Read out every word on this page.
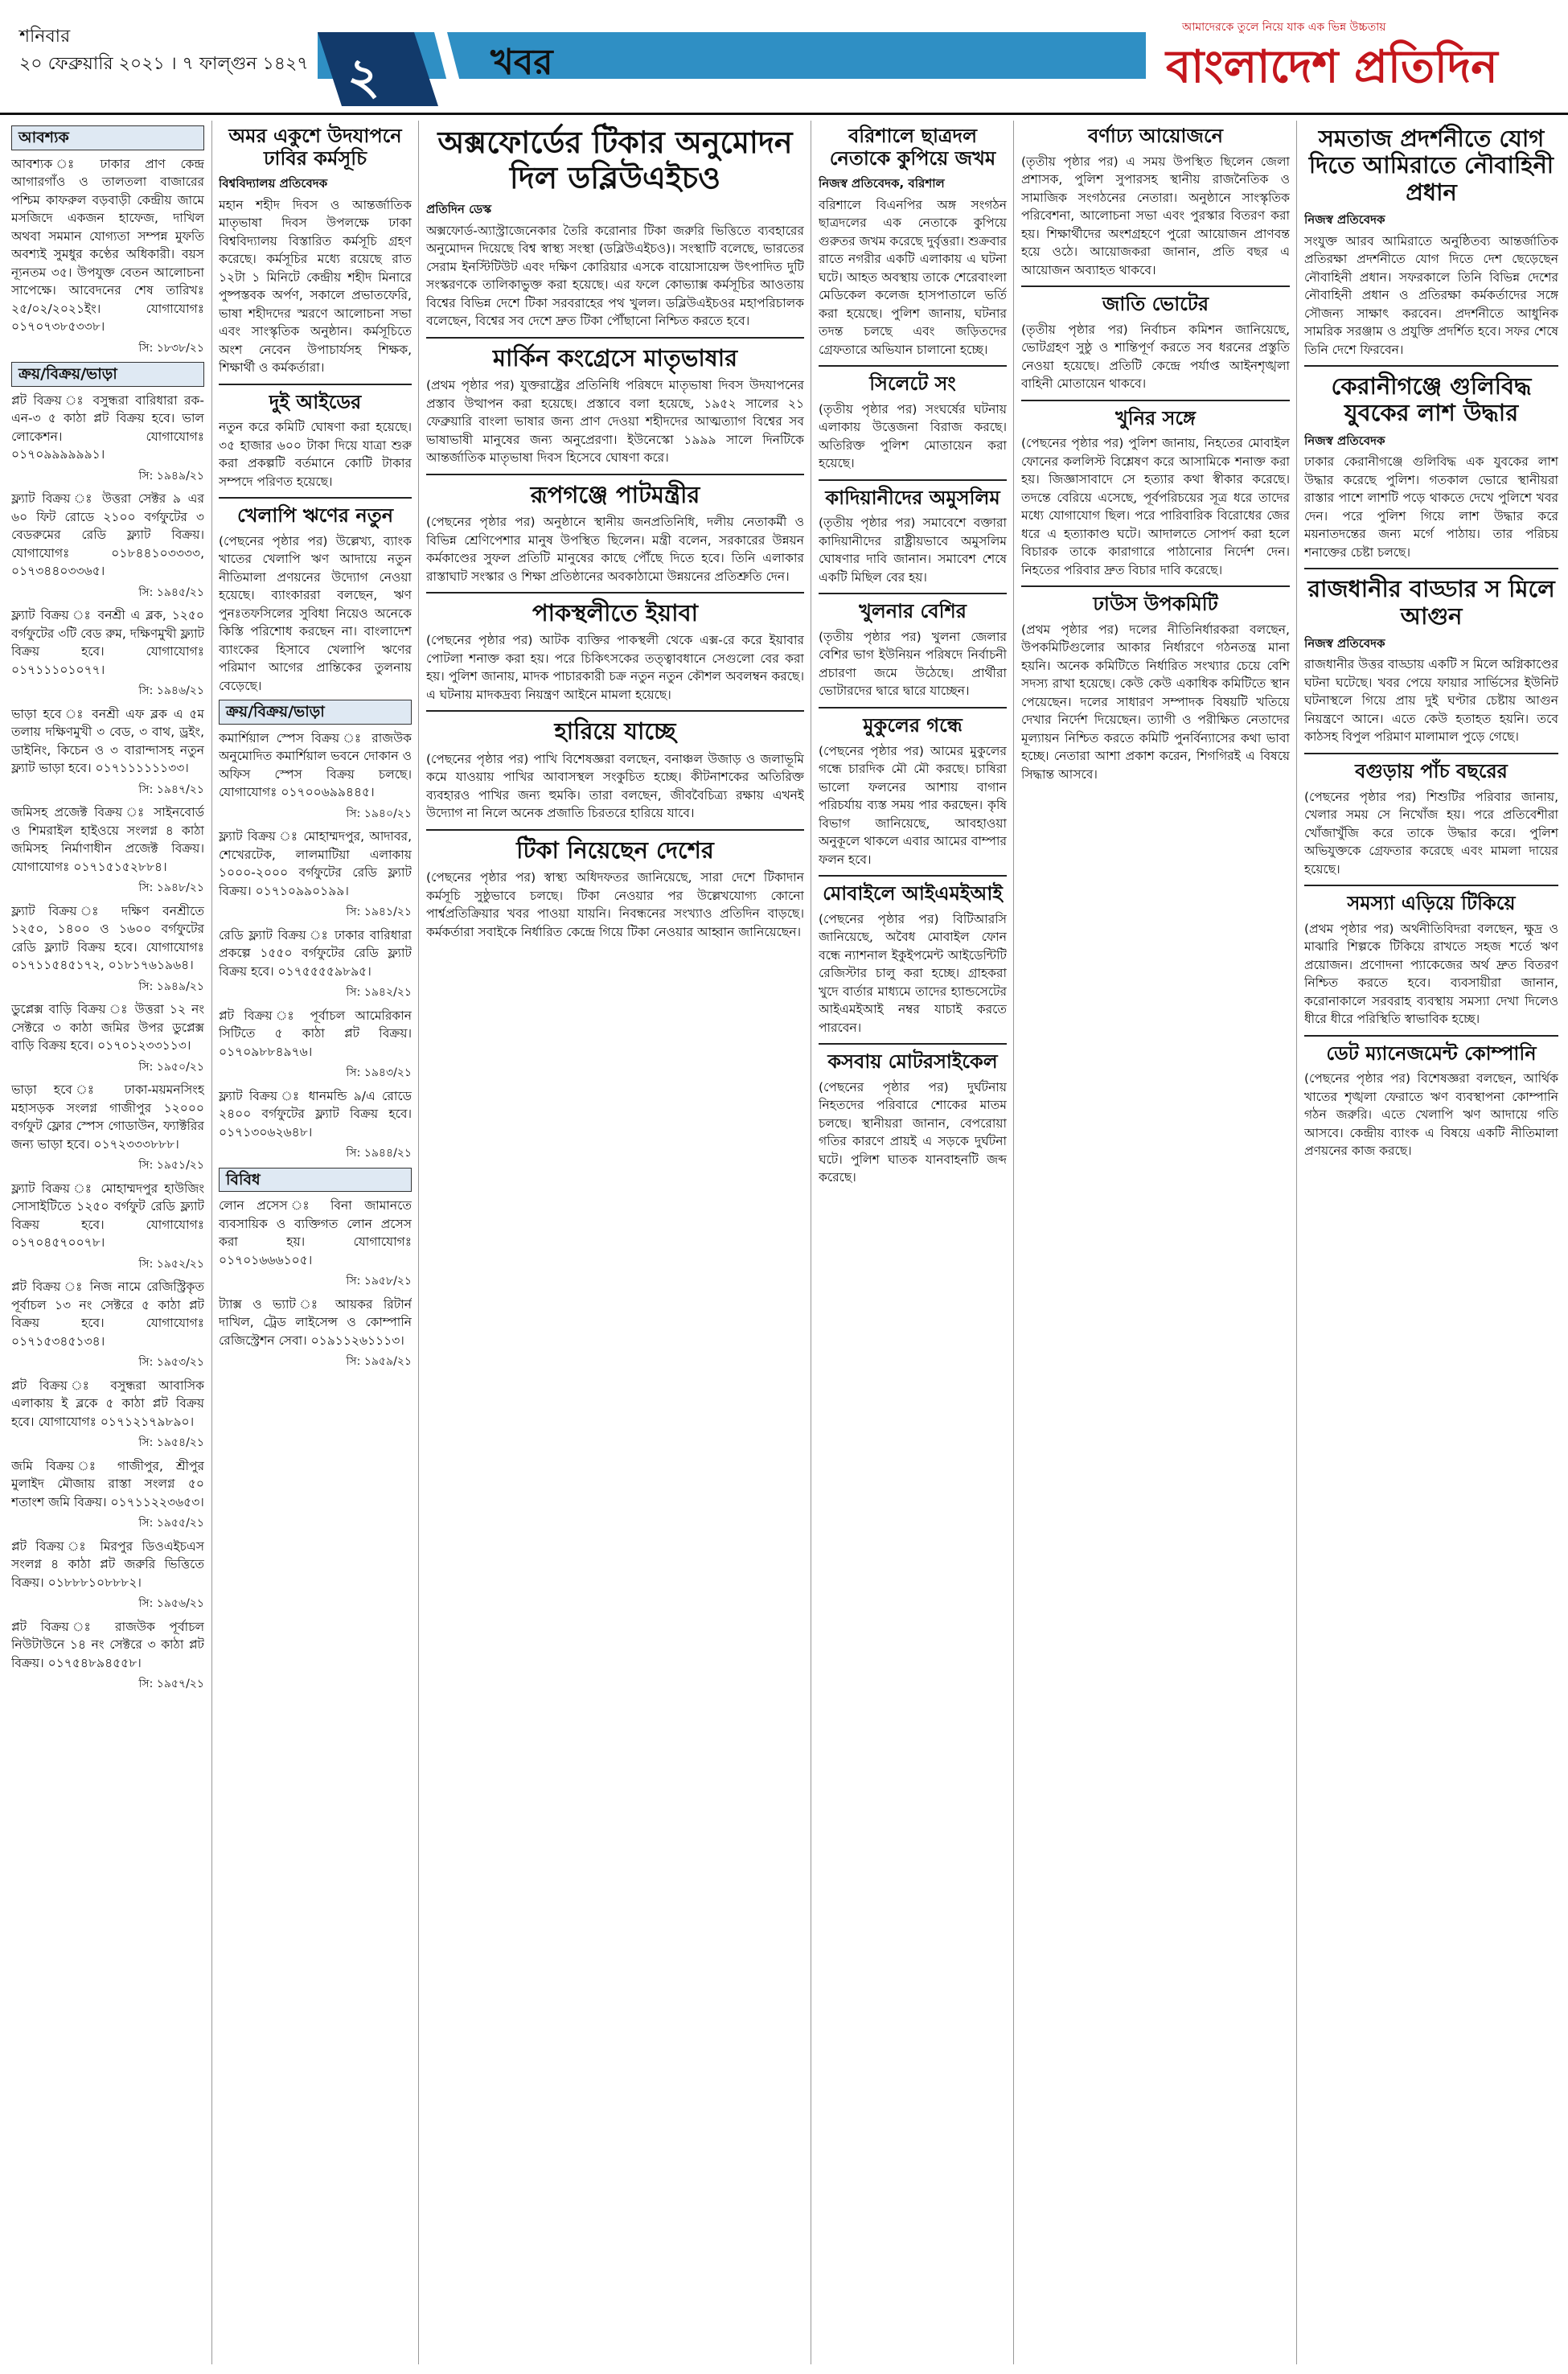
শনিবার
২০ ফেব্রুয়ারি ২০২১ । ৭ ফাল্গুন ১৪২৭ ২	খবর
আমাদেরকে তুলে নিয়ে যাক এক ভিন্ন উচ্চতায়
বাংলাদেশ প্রতিদিন
আবশ্যক
আবশ্যক ঃ ঢাকার প্রাণ কেন্দ্র আগারগাঁও ও তালতলা বাজারের পশ্চিম কাফরুল বড়বাড়ী কেন্দ্রীয় জামে মসজিদে একজন হাফেজ, দাখিল অথবা সমমান যোগ্যতা সম্পন্ন মুফতি অবশ্যই সুমধুর কণ্ঠের অধিকারী। বয়স ন্যূনতম ৩৫। উপযুক্ত বেতন আলোচনা সাপেক্ষে। আবেদনের শেষ তারিখঃ ২৫/০২/২০২১ইং। যোগাযোগঃ ০১৭০৭৩৮৫৩৩৮।
সি: ১৮৩৮/২১
ক্রয়/বিক্রয়/ভাড়া
প্লট বিক্রয় ঃ বসুন্ধরা বারিধারা রক-এন-৩ ৫ কাঠা প্লট বিক্রয় হবে। ভাল লোকেশন। যোগাযোগঃ ০১৭০৯৯৯৯৯৯১।
সি: ১৯৪৯/২১
ফ্ল্যাট বিক্রয় ঃ উত্তরা সেক্টর ৯ এর ৬০ ফিট রোডে ২১০০ বর্গফুটের ৩ বেডরুমের রেডি ফ্ল্যাট বিক্রয়। যোগাযোগঃ ০১৮৪৪১০৩৩৩৩, ০১৭৩৪৪০৩৩৬৫।
সি: ১৯৪৫/২১
ফ্ল্যাট বিক্রয় ঃ বনশ্রী এ ব্লক, ১২৫০ বর্গফুটের ৩টি বেড রুম, দক্ষিণমুখী ফ্ল্যাট বিক্রয় হবে। যোগাযোগঃ ০১৭১১১০১০৭৭।
সি: ১৯৪৬/২১
ভাড়া হবে ঃ বনশ্রী এফ ব্লক এ ৫ম তলায় দক্ষিণমুখী ৩ বেড, ৩ বাথ, ড্রইং, ডাইনিং, কিচেন ও ৩ বারান্দাসহ নতুন ফ্ল্যাট ভাড়া হবে। ০১৭১১১১১১৩৩।
সি: ১৯৪৭/২১
জমিসহ প্রজেক্ট বিক্রয় ঃ সাইনবোর্ড ও শিমরাইল হাইওয়ে সংলগ্ন ৪ কাঠা জমিসহ নির্মাণাধীন প্রজেক্ট বিক্রয়। যোগাযোগঃ ০১৭১৫১৫২৮৮৪।
সি: ১৯৪৮/২১
ফ্ল্যাট বিক্রয় ঃ দক্ষিণ বনশ্রীতে ১২৫০, ১৪০০ ও ১৬০০ বর্গফুটের রেডি ফ্ল্যাট বিক্রয় হবে। যোগাযোগঃ ০১৭১১৫৪৫১৭২, ০১৮১৭৬১৯৬৪।
সি: ১৯৪৯/২১
ডুপ্লেক্স বাড়ি বিক্রয় ঃ উত্তরা ১২ নং সেক্টরে ৩ কাঠা জমির উপর ডুপ্লেক্স বাড়ি বিক্রয় হবে। ০১৭০১২৩৩১১৩।
সি: ১৯৫০/২১
ভাড়া হবে ঃ ঢাকা-ময়মনসিংহ মহাসড়ক সংলগ্ন গাজীপুর ১২০০০ বর্গফুট ফ্লোর স্পেস গোডাউন, ফ্যাক্টরির জন্য ভাড়া হবে। ০১৭২৩৩৩৮৮৮।
সি: ১৯৫১/২১
ফ্ল্যাট বিক্রয় ঃ মোহাম্মদপুর হাউজিং সোসাইটিতে ১২৫০ বর্গফুট রেডি ফ্ল্যাট বিক্রয় হবে। যোগাযোগঃ ০১৭০৪৫৭০০৭৮।
সি: ১৯৫২/২১
প্লট বিক্রয় ঃ নিজ নামে রেজিস্ট্রিকৃত পূর্বাচল ১৩ নং সেক্টরে ৫ কাঠা প্লট বিক্রয় হবে। যোগাযোগঃ ০১৭১৫৩৪৫১৩৪।
সি: ১৯৫৩/২১
প্লট বিক্রয় ঃ বসুন্ধরা আবাসিক এলাকায় ই ব্লকে ৫ কাঠা প্লট বিক্রয় হবে। যোগাযোগঃ ০১৭১২১৭৯৮৯০।
সি: ১৯৫৪/২১
জমি বিক্রয় ঃ গাজীপুর, শ্রীপুর মুলাইদ মৌজায় রাস্তা সংলগ্ন ৫০ শতাংশ জমি বিক্রয়। ০১৭১১২২৩৬৫৩।
সি: ১৯৫৫/২১
প্লট বিক্রয় ঃ মিরপুর ডিওএইচএস সংলগ্ন ৪ কাঠা প্লট জরুরি ভিত্তিতে বিক্রয়। ০১৮৮৮১০৮৮৮২।
সি: ১৯৫৬/২১
প্লট বিক্রয় ঃ রাজউক পূর্বাচল নিউটাউনে ১৪ নং সেক্টরে ৩ কাঠা প্লট বিক্রয়। ০১৭৫৪৮৯৪৫৫৮।
সি: ১৯৫৭/২১
অমর একুশে উদযাপনে ঢাবির কর্মসূচি
বিশ্ববিদ্যালয় প্রতিবেদক

মহান শহীদ দিবস ও আন্তর্জাতিক মাতৃভাষা দিবস উপলক্ষে ঢাকা বিশ্ববিদ্যালয় বিস্তারিত কর্মসূচি গ্রহণ করেছে। কর্মসূচির মধ্যে রয়েছে রাত ১২টা ১ মিনিটে কেন্দ্রীয় শহীদ মিনারে পুষ্পস্তবক অর্পণ, সকালে প্রভাতফেরি, ভাষা শহীদদের স্মরণে আলোচনা সভা এবং সাংস্কৃতিক অনুষ্ঠান। কর্মসূচিতে অংশ নেবেন উপাচার্যসহ শিক্ষক, শিক্ষার্থী ও কর্মকর্তারা।

দুই আইডের

নতুন করে কমিটি ঘোষণা করা হয়েছে। ৩৫ হাজার ৬০০ টাকা দিয়ে যাত্রা শুরু করা প্রকল্পটি বর্তমানে কোটি টাকার সম্পদে পরিণত হয়েছে।

খেলাপি ঋণের নতুন

(পেছনের পৃষ্ঠার পর) উল্লেখ্য, ব্যাংক খাতের খেলাপি ঋণ আদায়ে নতুন নীতিমালা প্রণয়নের উদ্যোগ নেওয়া হয়েছে। ব্যাংকাররা বলছেন, ঋণ পুনঃতফসিলের সুবিধা নিয়েও অনেকে কিস্তি পরিশোধ করছেন না। বাংলাদেশ ব্যাংকের হিসাবে খেলাপি ঋণের পরিমাণ আগের প্রান্তিকের তুলনায় বেড়েছে।

ক্রয়/বিক্রয়/ভাড়া
কমার্শিয়াল স্পেস বিক্রয় ঃ রাজউক অনুমোদিত কমার্শিয়াল ভবনে দোকান ও অফিস স্পেস বিক্রয় চলছে। যোগাযোগঃ ০১৭০০৬৯৯৪৪৫।
সি: ১৯৪০/২১
ফ্ল্যাট বিক্রয় ঃ মোহাম্মদপুর, আদাবর, শেখেরটেক, লালমাটিয়া এলাকায় ১০০০-২০০০ বর্গফুটের রেডি ফ্ল্যাট বিক্রয়। ০১৭১০৯৯০১৯৯।
সি: ১৯৪১/২১
রেডি ফ্ল্যাট বিক্রয় ঃ ঢাকার বারিধারা প্রকল্পে ১৫৫০ বর্গফুটের রেডি ফ্ল্যাট বিক্রয় হবে। ০১৭৫৫৫৫৯৮৯৫।
সি: ১৯৪২/২১
প্লট বিক্রয় ঃ পূর্বাচল আমেরিকান সিটিতে ৫ কাঠা প্লট বিক্রয়। ০১৭০৯৮৮৪৯৭৬।
সি: ১৯৪৩/২১
ফ্ল্যাট বিক্রয় ঃ ধানমন্ডি ৯/এ রোডে ২৪০০ বর্গফুটের ফ্ল্যাট বিক্রয় হবে। ০১৭১৩০৬২৬৪৮।
সি: ১৯৪৪/২১
বিবিধ
লোন প্রসেস ঃ বিনা জামানতে ব্যবসায়িক ও ব্যক্তিগত লোন প্রসেস করা হয়। যোগাযোগঃ ০১৭০১৬৬৬১০৫।
সি: ১৯৫৮/২১
ট্যাক্স ও ভ্যাট ঃ আয়কর রিটার্ন দাখিল, ট্রেড লাইসেন্স ও কোম্পানি রেজিস্ট্রেশন সেবা। ০১৯১১২৬১১১৩।
সি: ১৯৫৯/২১
অক্সফোর্ডের টিকার অনুমোদন দিল ডব্লিউএইচও
প্রতিদিন ডেস্ক

অক্সফোর্ড-অ্যাস্ট্রাজেনেকার তৈরি করোনার টিকা জরুরি ভিত্তিতে ব্যবহারের অনুমোদন দিয়েছে বিশ্ব স্বাস্থ্য সংস্থা (ডব্লিউএইচও)। সংস্থাটি বলেছে, ভারতের সেরাম ইনস্টিটিউট এবং দক্ষিণ কোরিয়ার এসকে বায়োসায়েন্স উৎপাদিত দুটি সংস্করণকে তালিকাভুক্ত করা হয়েছে। এর ফলে কোভ্যাক্স কর্মসূচির আওতায় বিশ্বের বিভিন্ন দেশে টিকা সরবরাহের পথ খুলল। ডব্লিউএইচওর মহাপরিচালক বলেছেন, বিশ্বের সব দেশে দ্রুত টিকা পৌঁছানো নিশ্চিত করতে হবে।

মার্কিন কংগ্রেসে মাতৃভাষার

(প্রথম পৃষ্ঠার পর) যুক্তরাষ্ট্রের প্রতিনিধি পরিষদে মাতৃভাষা দিবস উদযাপনের প্রস্তাব উত্থাপন করা হয়েছে। প্রস্তাবে বলা হয়েছে, ১৯৫২ সালের ২১ ফেব্রুয়ারি বাংলা ভাষার জন্য প্রাণ দেওয়া শহীদদের আত্মত্যাগ বিশ্বের সব ভাষাভাষী মানুষের জন্য অনুপ্রেরণা। ইউনেস্কো ১৯৯৯ সালে দিনটিকে আন্তর্জাতিক মাতৃভাষা দিবস হিসেবে ঘোষণা করে।

রূপগঞ্জে পাটমন্ত্রীর

(পেছনের পৃষ্ঠার পর) অনুষ্ঠানে স্থানীয় জনপ্রতিনিধি, দলীয় নেতাকর্মী ও বিভিন্ন শ্রেণিপেশার মানুষ উপস্থিত ছিলেন। মন্ত্রী বলেন, সরকারের উন্নয়ন কর্মকাণ্ডের সুফল প্রতিটি মানুষের কাছে পৌঁছে দিতে হবে। তিনি এলাকার রাস্তাঘাট সংস্কার ও শিক্ষা প্রতিষ্ঠানের অবকাঠামো উন্নয়নের প্রতিশ্রুতি দেন।

পাকস্থলীতে ইয়াবা

(পেছনের পৃষ্ঠার পর) আটক ব্যক্তির পাকস্থলী থেকে এক্স-রে করে ইয়াবার পোটলা শনাক্ত করা হয়। পরে চিকিৎসকের তত্ত্বাবধানে সেগুলো বের করা হয়। পুলিশ জানায়, মাদক পাচারকারী চক্র নতুন নতুন কৌশল অবলম্বন করছে। এ ঘটনায় মাদকদ্রব্য নিয়ন্ত্রণ আইনে মামলা হয়েছে।

হারিয়ে যাচ্ছে

(পেছনের পৃষ্ঠার পর) পাখি বিশেষজ্ঞরা বলছেন, বনাঞ্চল উজাড় ও জলাভূমি কমে যাওয়ায় পাখির আবাসস্থল সংকুচিত হচ্ছে। কীটনাশকের অতিরিক্ত ব্যবহারও পাখির জন্য হুমকি। তারা বলছেন, জীববৈচিত্র্য রক্ষায় এখনই উদ্যোগ না নিলে অনেক প্রজাতি চিরতরে হারিয়ে যাবে।

টিকা নিয়েছেন দেশের

(পেছনের পৃষ্ঠার পর) স্বাস্থ্য অধিদফতর জানিয়েছে, সারা দেশে টিকাদান কর্মসূচি সুষ্ঠুভাবে চলছে। টিকা নেওয়ার পর উল্লেখযোগ্য কোনো পার্শ্বপ্রতিক্রিয়ার খবর পাওয়া যায়নি। নিবন্ধনের সংখ্যাও প্রতিদিন বাড়ছে। কর্মকর্তারা সবাইকে নির্ধারিত কেন্দ্রে গিয়ে টিকা নেওয়ার আহ্বান জানিয়েছেন।

বরিশালে ছাত্রদল নেতাকে কুপিয়ে জখম
নিজস্ব প্রতিবেদক, বরিশাল

বরিশালে বিএনপির অঙ্গ সংগঠন ছাত্রদলের এক নেতাকে কুপিয়ে গুরুতর জখম করেছে দুর্বৃত্তরা। শুক্রবার রাতে নগরীর একটি এলাকায় এ ঘটনা ঘটে। আহত অবস্থায় তাকে শেরেবাংলা মেডিকেল কলেজ হাসপাতালে ভর্তি করা হয়েছে। পুলিশ জানায়, ঘটনার তদন্ত চলছে এবং জড়িতদের গ্রেফতারে অভিযান চালানো হচ্ছে।

সিলেটে সং

(তৃতীয় পৃষ্ঠার পর) সংঘর্ষের ঘটনায় এলাকায় উত্তেজনা বিরাজ করছে। অতিরিক্ত পুলিশ মোতায়েন করা হয়েছে।

কাদিয়ানীদের অমুসলিম

(তৃতীয় পৃষ্ঠার পর) সমাবেশে বক্তারা কাদিয়ানীদের রাষ্ট্রীয়ভাবে অমুসলিম ঘোষণার দাবি জানান। সমাবেশ শেষে একটি মিছিল বের হয়।

খুলনার বেশির

(তৃতীয় পৃষ্ঠার পর) খুলনা জেলার বেশির ভাগ ইউনিয়ন পরিষদে নির্বাচনী প্রচারণা জমে উঠেছে। প্রার্থীরা ভোটারদের দ্বারে দ্বারে যাচ্ছেন।

মুকুলের গন্ধে

(পেছনের পৃষ্ঠার পর) আমের মুকুলের গন্ধে চারদিক মৌ মৌ করছে। চাষিরা ভালো ফলনের আশায় বাগান পরিচর্যায় ব্যস্ত সময় পার করছেন। কৃষি বিভাগ জানিয়েছে, আবহাওয়া অনুকূলে থাকলে এবার আমের বাম্পার ফলন হবে।

মোবাইলে আইএমইআই

(পেছনের পৃষ্ঠার পর) বিটিআরসি জানিয়েছে, অবৈধ মোবাইল ফোন বন্ধে ন্যাশনাল ইকুইপমেন্ট আইডেন্টিটি রেজিস্টার চালু করা হচ্ছে। গ্রাহকরা খুদে বার্তার মাধ্যমে তাদের হ্যান্ডসেটের আইএমইআই নম্বর যাচাই করতে পারবেন।

কসবায় মোটরসাইকেল

(পেছনের পৃষ্ঠার পর) দুর্ঘটনায় নিহতদের পরিবারে শোকের মাতম চলছে। স্থানীয়রা জানান, বেপরোয়া গতির কারণে প্রায়ই এ সড়কে দুর্ঘটনা ঘটে। পুলিশ ঘাতক যানবাহনটি জব্দ করেছে।

বর্ণাঢ্য আয়োজনে

(তৃতীয় পৃষ্ঠার পর) এ সময় উপস্থিত ছিলেন জেলা প্রশাসক, পুলিশ সুপারসহ স্থানীয় রাজনৈতিক ও সামাজিক সংগঠনের নেতারা। অনুষ্ঠানে সাংস্কৃতিক পরিবেশনা, আলোচনা সভা এবং পুরস্কার বিতরণ করা হয়। শিক্ষার্থীদের অংশগ্রহণে পুরো আয়োজন প্রাণবন্ত হয়ে ওঠে। আয়োজকরা জানান, প্রতি বছর এ আয়োজন অব্যাহত থাকবে।

জাতি ভোটের

(তৃতীয় পৃষ্ঠার পর) নির্বাচন কমিশন জানিয়েছে, ভোটগ্রহণ সুষ্ঠু ও শান্তিপূর্ণ করতে সব ধরনের প্রস্তুতি নেওয়া হয়েছে। প্রতিটি কেন্দ্রে পর্যাপ্ত আইনশৃঙ্খলা বাহিনী মোতায়েন থাকবে।

খুনির সঙ্গে

(পেছনের পৃষ্ঠার পর) পুলিশ জানায়, নিহতের মোবাইল ফোনের কললিস্ট বিশ্লেষণ করে আসামিকে শনাক্ত করা হয়। জিজ্ঞাসাবাদে সে হত্যার কথা স্বীকার করেছে। তদন্তে বেরিয়ে এসেছে, পূর্বপরিচয়ের সূত্র ধরে তাদের মধ্যে যোগাযোগ ছিল। পরে পারিবারিক বিরোধের জের ধরে এ হত্যাকাণ্ড ঘটে। আদালতে সোপর্দ করা হলে বিচারক তাকে কারাগারে পাঠানোর নির্দেশ দেন। নিহতের পরিবার দ্রুত বিচার দাবি করেছে।

ঢাউস উপকমিটি

(প্রথম পৃষ্ঠার পর) দলের নীতিনির্ধারকরা বলছেন, উপকমিটিগুলোর আকার নির্ধারণে গঠনতন্ত্র মানা হয়নি। অনেক কমিটিতে নির্ধারিত সংখ্যার চেয়ে বেশি সদস্য রাখা হয়েছে। কেউ কেউ একাধিক কমিটিতে স্থান পেয়েছেন। দলের সাধারণ সম্পাদক বিষয়টি খতিয়ে দেখার নির্দেশ দিয়েছেন। ত্যাগী ও পরীক্ষিত নেতাদের মূল্যায়ন নিশ্চিত করতে কমিটি পুনর্বিন্যাসের কথা ভাবা হচ্ছে। নেতারা আশা প্রকাশ করেন, শিগগিরই এ বিষয়ে সিদ্ধান্ত আসবে।

সমতাজ প্রদর্শনীতে যোগ দিতে আমিরাতে নৌবাহিনী প্রধান
নিজস্ব প্রতিবেদক

সংযুক্ত আরব আমিরাতে অনুষ্ঠিতব্য আন্তর্জাতিক প্রতিরক্ষা প্রদর্শনীতে যোগ দিতে দেশ ছেড়েছেন নৌবাহিনী প্রধান। সফরকালে তিনি বিভিন্ন দেশের নৌবাহিনী প্রধান ও প্রতিরক্ষা কর্মকর্তাদের সঙ্গে সৌজন্য সাক্ষাৎ করবেন। প্রদর্শনীতে আধুনিক সামরিক সরঞ্জাম ও প্রযুক্তি প্রদর্শিত হবে। সফর শেষে তিনি দেশে ফিরবেন।

কেরানীগঞ্জে গুলিবিদ্ধ যুবকের লাশ উদ্ধার
নিজস্ব প্রতিবেদক

ঢাকার কেরানীগঞ্জে গুলিবিদ্ধ এক যুবকের লাশ উদ্ধার করেছে পুলিশ। গতকাল ভোরে স্থানীয়রা রাস্তার পাশে লাশটি পড়ে থাকতে দেখে পুলিশে খবর দেন। পরে পুলিশ গিয়ে লাশ উদ্ধার করে ময়নাতদন্তের জন্য মর্গে পাঠায়। তার পরিচয় শনাক্তের চেষ্টা চলছে।

রাজধানীর বাড্ডার স মিলে আগুন
নিজস্ব প্রতিবেদক

রাজধানীর উত্তর বাড্ডায় একটি স মিলে অগ্নিকাণ্ডের ঘটনা ঘটেছে। খবর পেয়ে ফায়ার সার্ভিসের ইউনিট ঘটনাস্থলে গিয়ে প্রায় দুই ঘণ্টার চেষ্টায় আগুন নিয়ন্ত্রণে আনে। এতে কেউ হতাহত হয়নি। তবে কাঠসহ বিপুল পরিমাণ মালামাল পুড়ে গেছে।

বগুড়ায় পাঁচ বছরের

(পেছনের পৃষ্ঠার পর) শিশুটির পরিবার জানায়, খেলার সময় সে নিখোঁজ হয়। পরে প্রতিবেশীরা খোঁজাখুঁজি করে তাকে উদ্ধার করে। পুলিশ অভিযুক্তকে গ্রেফতার করেছে এবং মামলা দায়ের হয়েছে।

সমস্যা এড়িয়ে টিকিয়ে

(প্রথম পৃষ্ঠার পর) অর্থনীতিবিদরা বলছেন, ক্ষুদ্র ও মাঝারি শিল্পকে টিকিয়ে রাখতে সহজ শর্তে ঋণ প্রয়োজন। প্রণোদনা প্যাকেজের অর্থ দ্রুত বিতরণ নিশ্চিত করতে হবে। ব্যবসায়ীরা জানান, করোনাকালে সরবরাহ ব্যবস্থায় সমস্যা দেখা দিলেও ধীরে ধীরে পরিস্থিতি স্বাভাবিক হচ্ছে।

ডেট ম্যানেজমেন্ট কোম্পানি

(পেছনের পৃষ্ঠার পর) বিশেষজ্ঞরা বলছেন, আর্থিক খাতের শৃঙ্খলা ফেরাতে ঋণ ব্যবস্থাপনা কোম্পানি গঠন জরুরি। এতে খেলাপি ঋণ আদায়ে গতি আসবে। কেন্দ্রীয় ব্যাংক এ বিষয়ে একটি নীতিমালা প্রণয়নের কাজ করছে।
